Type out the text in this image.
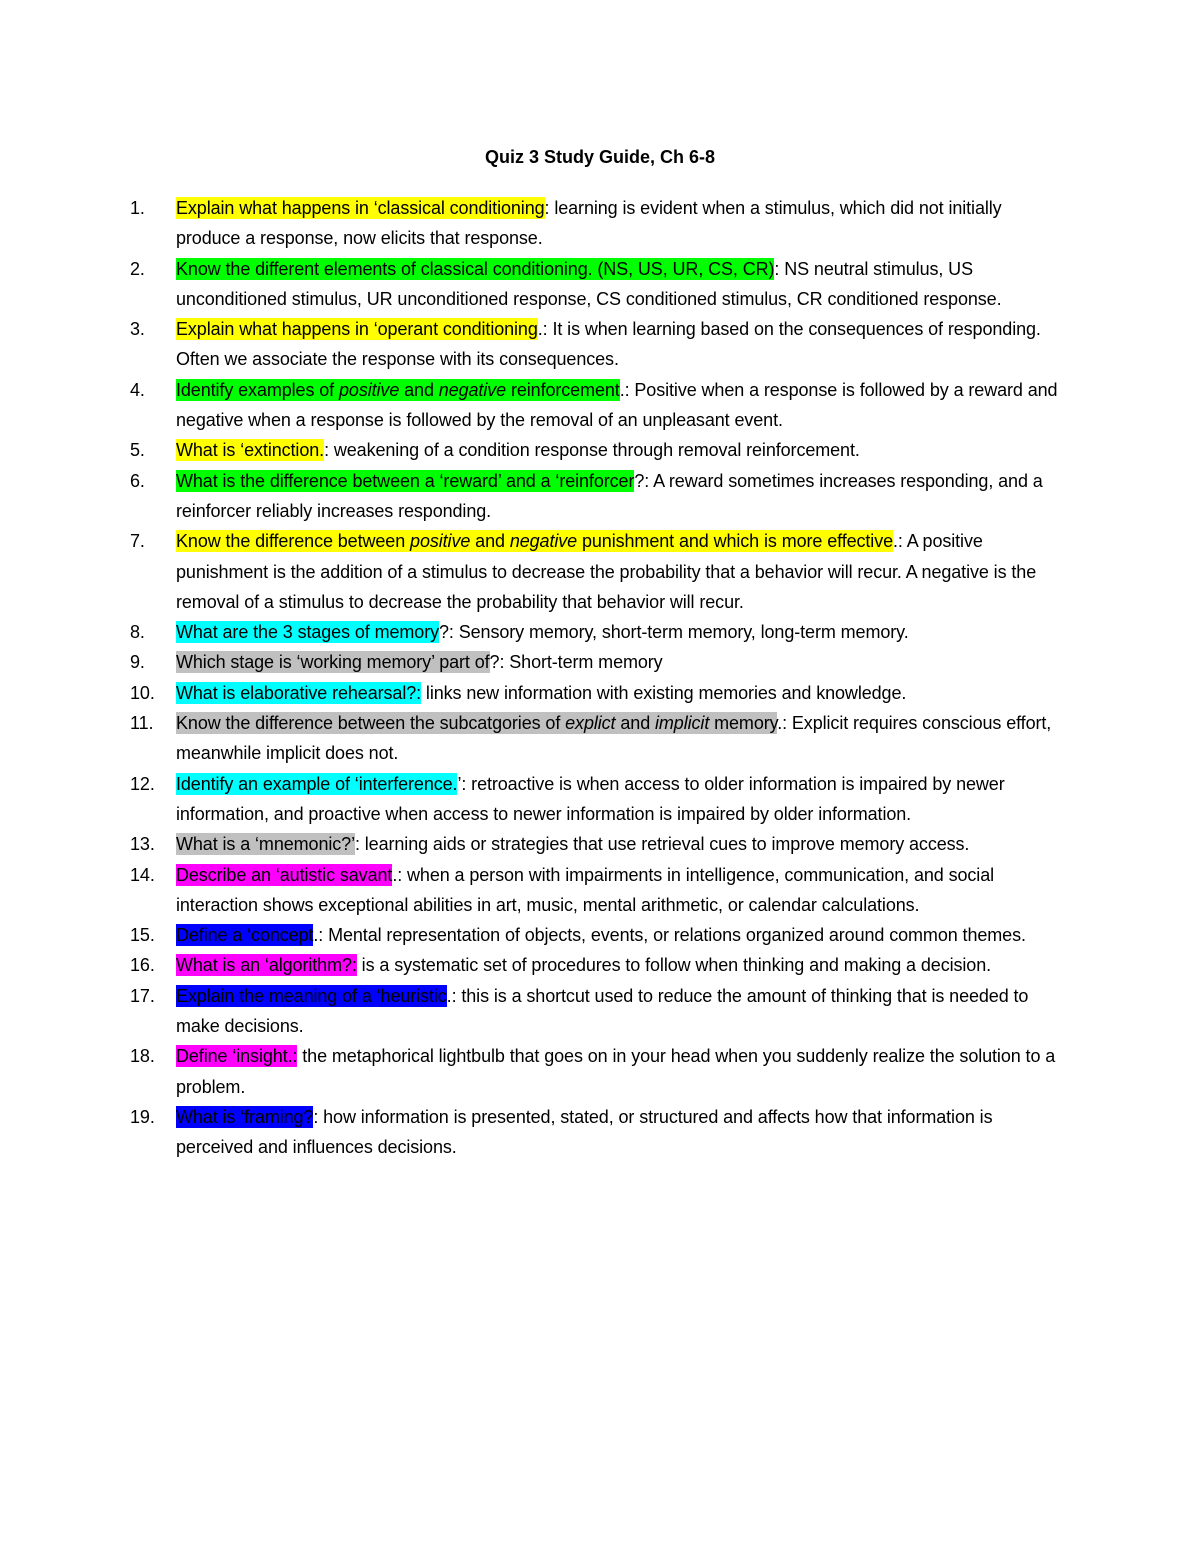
Quiz 3 Study Guide, Ch 6-8
1.	Explain what happens in ‘classical conditioning: learning is evident when a stimulus, which did not initially produce a response, now elicits that response.
2.	Know the different elements of classical conditioning. (NS, US, UR, CS, CR): NS neutral stimulus, US unconditioned stimulus, UR unconditioned response, CS conditioned stimulus, CR conditioned response.
3.	Explain what happens in ‘operant conditioning.: It is when learning based on the consequences of responding. Often we associate the response with its consequences.
4.	Identify examples of positive and negative reinforcement.: Positive when a response is followed by a reward and negative when a response is followed by the removal of an unpleasant event.
5.	What is ‘extinction.: weakening of a condition response through removal reinforcement.
6.	What is the difference between a ‘reward’ and a ‘reinforcer?: A reward sometimes increases responding, and a reinforcer reliably increases responding.
7.	Know the difference between positive and negative punishment and which is more effective.: A positive punishment is the addition of a stimulus to decrease the probability that a behavior will recur. A negative is the removal of a stimulus to decrease the probability that behavior will recur.
8.	What are the 3 stages of memory?: Sensory memory, short-term memory, long-term memory.
9.	Which stage is ‘working memory’ part of?: Short-term memory
10.	What is elaborative rehearsal?: links new information with existing memories and knowledge.
11.	Know the difference between the subcatgories of explict and implicit memory.: Explicit requires conscious effort, meanwhile implicit does not.
12.	Identify an example of ‘interference.’: retroactive is when access to older information is impaired by newer information, and proactive when access to newer information is impaired by older information.
13.	What is a ‘mnemonic?’: learning aids or strategies that use retrieval cues to improve memory access.
14.	Describe an ‘autistic savant.: when a person with impairments in intelligence, communication, and social interaction shows exceptional abilities in art, music, mental arithmetic, or calendar calculations.
15.	Define a ‘concept.: Mental representation of objects, events, or relations organized around common themes.
16.	What is an ‘algorithm?: is a systematic set of procedures to follow when thinking and making a decision.
17.	Explain the meaning of a ‘heuristic.: this is a shortcut used to reduce the amount of thinking that is needed to make decisions.
18.	Define ‘insight.: the metaphorical lightbulb that goes on in your head when you suddenly realize the solution to a problem.
19.	What is ‘framing?: how information is presented, stated, or structured and affects how that information is perceived and influences decisions.
